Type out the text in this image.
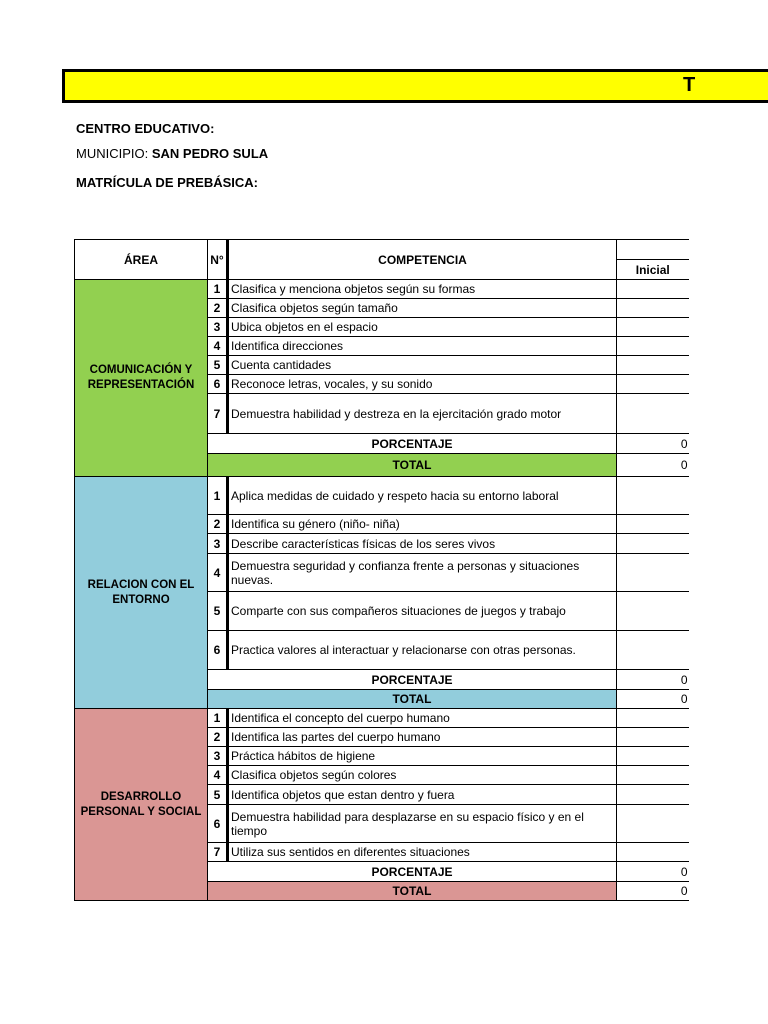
T
CENTRO EDUCATIVO:
MUNICIPIO: SAN PEDRO SULA
MATRÍCULA DE PREBÁSICA:
ÁREA	N°	COMPETENCIA	
			Inicial
COMUNICACIÓN Y REPRESENTACIÓN	1	Clasifica y menciona objetos según su formas	
	2	Clasifica objetos según tamaño	
	3	Ubica objetos en el espacio	
	4	Identifica direcciones	
	5	Cuenta cantidades	
	6	Reconoce letras, vocales, y su sonido	
	7	Demuestra habilidad y destreza en la ejercitación grado motor	
	PORCENTAJE		0
	TOTAL		0
RELACION CON EL ENTORNO	1	Aplica medidas de cuidado y respeto hacia su entorno laboral	
	2	Identifica su género (niño- niña)	
	3	Describe características físicas de los seres vivos	
	4	Demuestra seguridad y confianza frente a personas y situaciones nuevas.	
	5	Comparte con sus compañeros situaciones de juegos y trabajo	
	6	Practica valores al interactuar y relacionarse con otras personas.	
	PORCENTAJE		0
	TOTAL		0
DESARROLLO PERSONAL Y SOCIAL	1	Identifica el concepto del cuerpo humano	
	2	Identifica las partes del cuerpo humano	
	3	Práctica hábitos de higiene	
	4	Clasifica objetos según colores	
	5	Identifica objetos que estan dentro y fuera	
	6	Demuestra habilidad para desplazarse en su espacio físico y en el tiempo	
	7	Utiliza sus sentidos en diferentes situaciones	
	PORCENTAJE		0
	TOTAL		0
